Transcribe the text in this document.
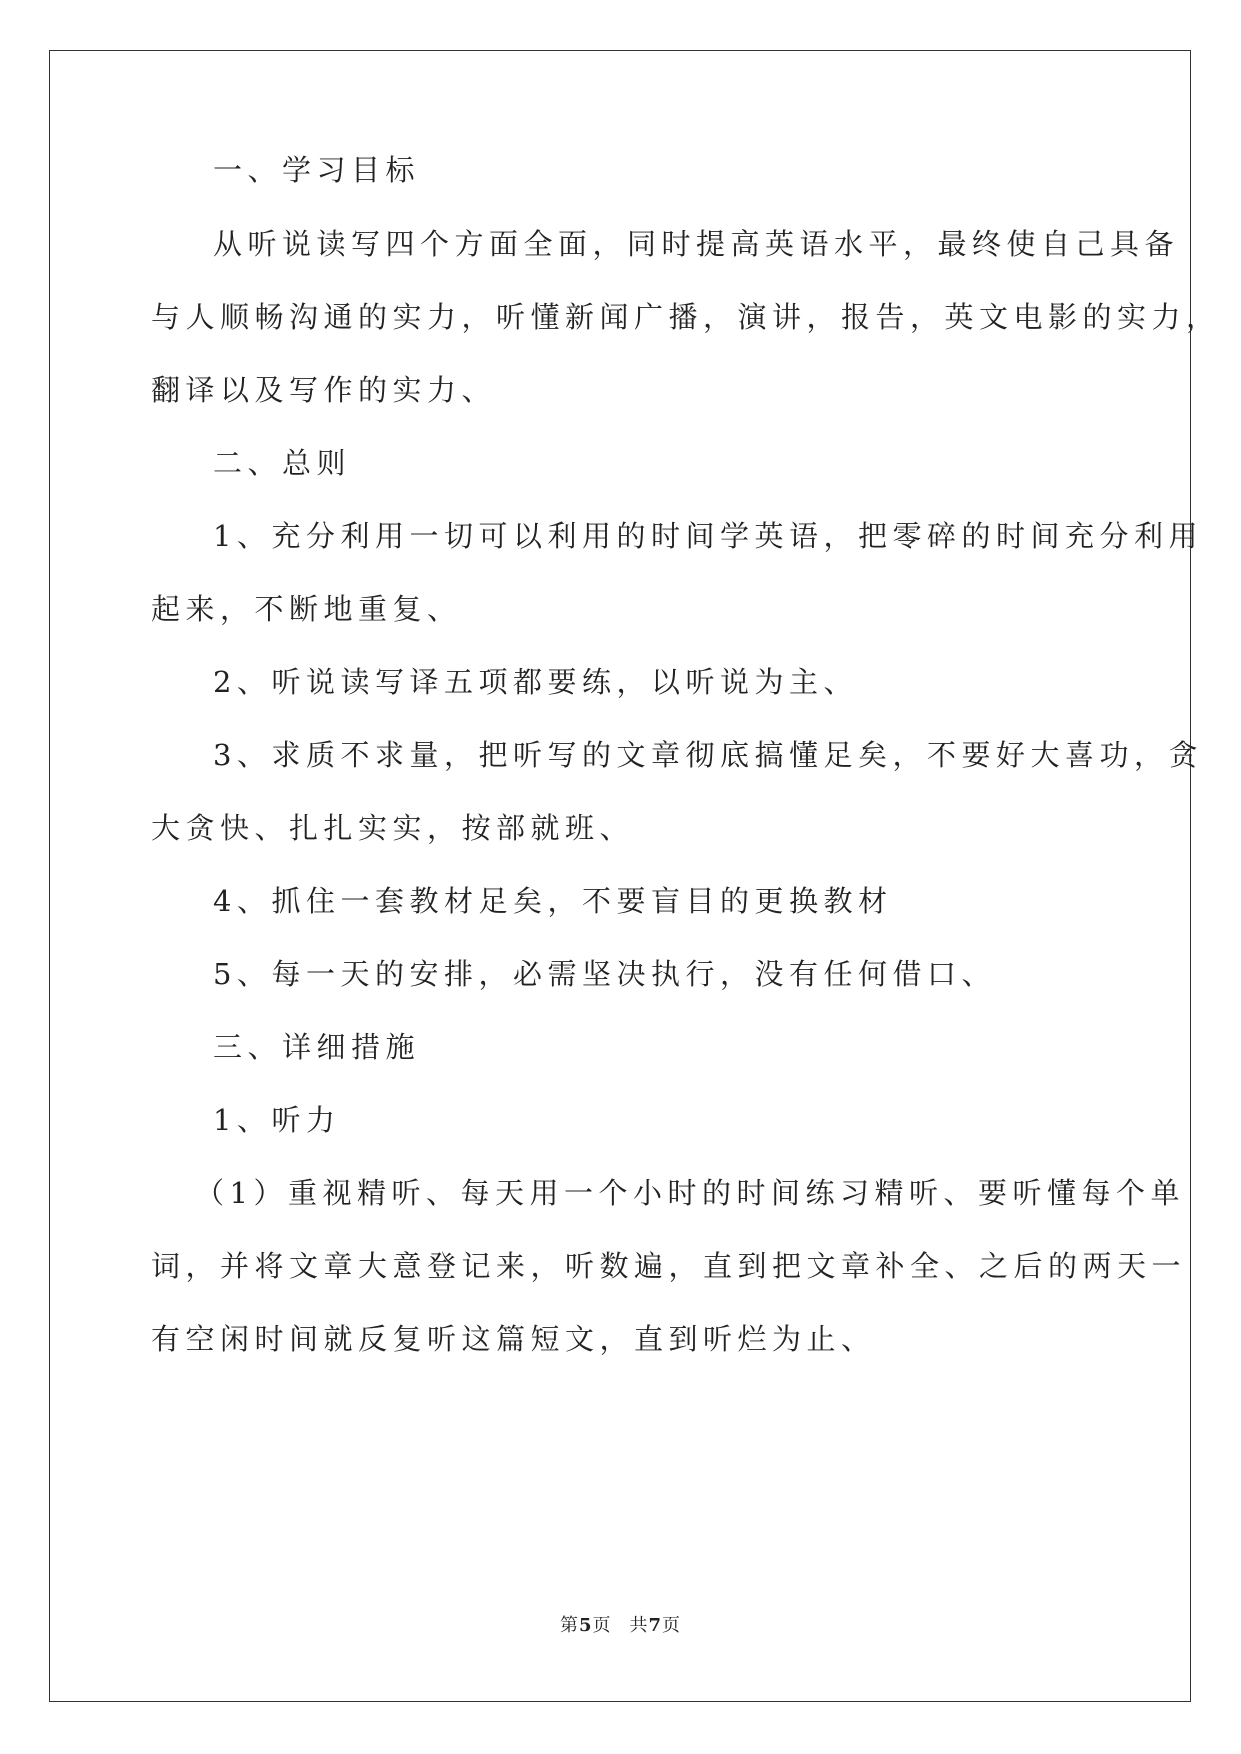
一、学习目标
从听说读写四个方面全面，同时提高英语水平，最终使自己具备
与人顺畅沟通的实力，听懂新闻广播，演讲，报告，英文电影的实力，
翻译以及写作的实力、
二、总则
1、充分利用一切可以利用的时间学英语，把零碎的时间充分利用
起来，不断地重复、
2、听说读写译五项都要练，以听说为主、
3、求质不求量，把听写的文章彻底搞懂足矣，不要好大喜功，贪
大贪快、扎扎实实，按部就班、
4、抓住一套教材足矣，不要盲目的更换教材
5、每一天的安排，必需坚决执行，没有任何借口、
三、详细措施
1、听力
（1）重视精听、每天用一个小时的时间练习精听、要听懂每个单
词，并将文章大意登记来，听数遍，直到把文章补全、之后的两天一
有空闲时间就反复听这篇短文，直到听烂为止、
第5页 共7页
